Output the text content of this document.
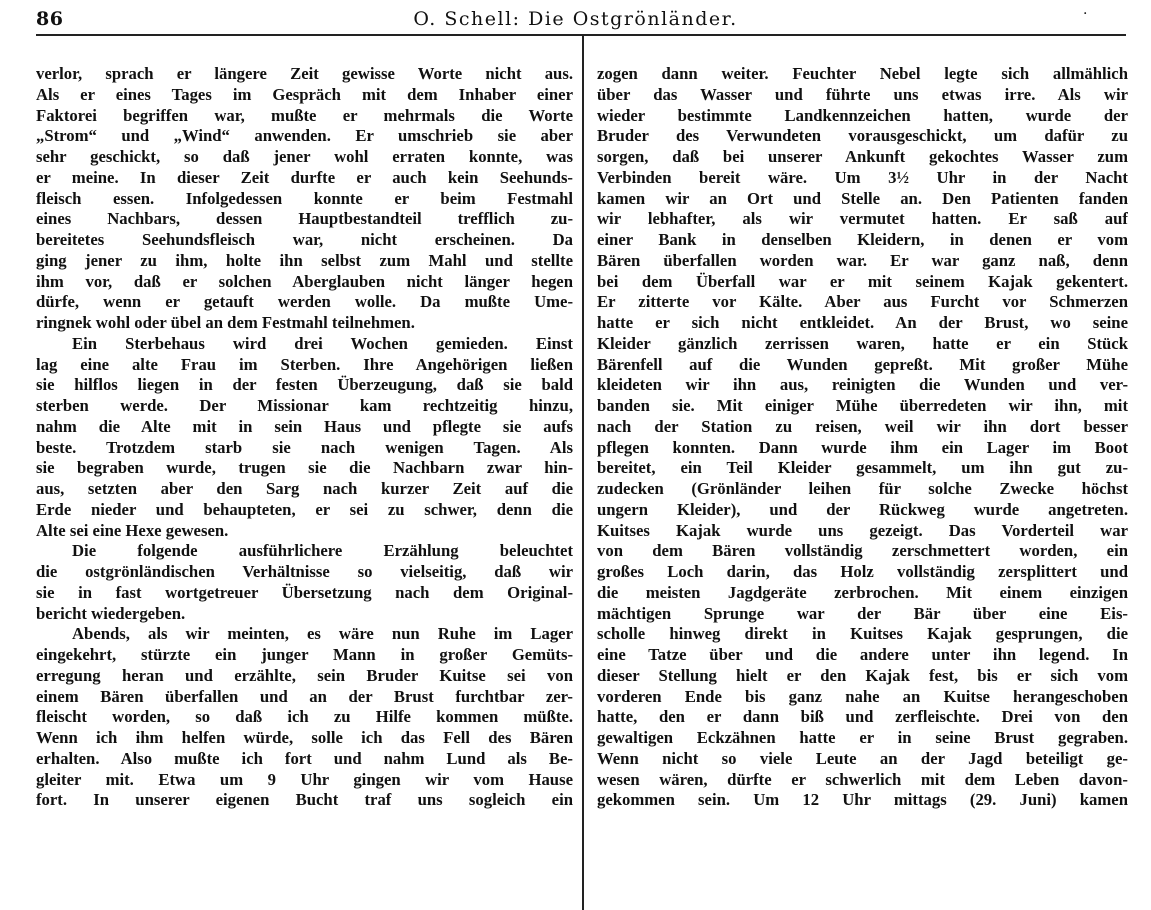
86	O. Schell: Die Ostgrönländer.	·
verlor, sprach er längere Zeit gewisse Worte nicht aus.
Als er eines Tages im Gespräch mit dem Inhaber einer
Faktorei begriffen war, mußte er mehrmals die Worte
„Strom“ und „Wind“ anwenden. Er umschrieb sie aber
sehr geschickt, so daß jener wohl erraten konnte, was
er meine. In dieser Zeit durfte er auch kein Seehunds-
fleisch essen. Infolgedessen konnte er beim Festmahl
eines Nachbars, dessen Hauptbestandteil trefflich zu-
bereitetes Seehundsfleisch war, nicht erscheinen. Da
ging jener zu ihm, holte ihn selbst zum Mahl und stellte
ihm vor, daß er solchen Aberglauben nicht länger hegen
dürfe, wenn er getauft werden wolle. Da mußte Ume-
ringnek wohl oder übel an dem Festmahl teilnehmen.
Ein Sterbehaus wird drei Wochen gemieden. Einst
lag eine alte Frau im Sterben. Ihre Angehörigen ließen
sie hilflos liegen in der festen Überzeugung, daß sie bald
sterben werde. Der Missionar kam rechtzeitig hinzu,
nahm die Alte mit in sein Haus und pflegte sie aufs
beste. Trotzdem starb sie nach wenigen Tagen. Als
sie begraben wurde, trugen sie die Nachbarn zwar hin-
aus, setzten aber den Sarg nach kurzer Zeit auf die
Erde nieder und behaupteten, er sei zu schwer, denn die
Alte sei eine Hexe gewesen.
Die folgende ausführlichere Erzählung beleuchtet
die ostgrönländischen Verhältnisse so vielseitig, daß wir
sie in fast wortgetreuer Übersetzung nach dem Original-
bericht wiedergeben.
Abends, als wir meinten, es wäre nun Ruhe im Lager
eingekehrt, stürzte ein junger Mann in großer Gemüts-
erregung heran und erzählte, sein Bruder Kuitse sei von
einem Bären überfallen und an der Brust furchtbar zer-
fleischt worden, so daß ich zu Hilfe kommen müßte.
Wenn ich ihm helfen würde, solle ich das Fell des Bären
erhalten. Also mußte ich fort und nahm Lund als Be-
gleiter mit. Etwa um 9 Uhr gingen wir vom Hause
fort. In unserer eigenen Bucht traf uns sogleich ein
zogen dann weiter. Feuchter Nebel legte sich allmählich
über das Wasser und führte uns etwas irre. Als wir
wieder bestimmte Landkennzeichen hatten, wurde der
Bruder des Verwundeten vorausgeschickt, um dafür zu
sorgen, daß bei unserer Ankunft gekochtes Wasser zum
Verbinden bereit wäre. Um 3½ Uhr in der Nacht
kamen wir an Ort und Stelle an. Den Patienten fanden
wir lebhafter, als wir vermutet hatten. Er saß auf
einer Bank in denselben Kleidern, in denen er vom
Bären überfallen worden war. Er war ganz naß, denn
bei dem Überfall war er mit seinem Kajak gekentert.
Er zitterte vor Kälte. Aber aus Furcht vor Schmerzen
hatte er sich nicht entkleidet. An der Brust, wo seine
Kleider gänzlich zerrissen waren, hatte er ein Stück
Bärenfell auf die Wunden gepreßt. Mit großer Mühe
kleideten wir ihn aus, reinigten die Wunden und ver-
banden sie. Mit einiger Mühe überredeten wir ihn, mit
nach der Station zu reisen, weil wir ihn dort besser
pflegen konnten. Dann wurde ihm ein Lager im Boot
bereitet, ein Teil Kleider gesammelt, um ihn gut zu-
zudecken (Grönländer leihen für solche Zwecke höchst
ungern Kleider), und der Rückweg wurde angetreten.
Kuitses Kajak wurde uns gezeigt. Das Vorderteil war
von dem Bären vollständig zerschmettert worden, ein
großes Loch darin, das Holz vollständig zersplittert und
die meisten Jagdgeräte zerbrochen. Mit einem einzigen
mächtigen Sprunge war der Bär über eine Eis-
scholle hinweg direkt in Kuitses Kajak gesprungen, die
eine Tatze über und die andere unter ihn legend. In
dieser Stellung hielt er den Kajak fest, bis er sich vom
vorderen Ende bis ganz nahe an Kuitse herangeschoben
hatte, den er dann biß und zerfleischte. Drei von den
gewaltigen Eckzähnen hatte er in seine Brust gegraben.
Wenn nicht so viele Leute an der Jagd beteiligt ge-
wesen wären, dürfte er schwerlich mit dem Leben davon-
gekommen sein. Um 12 Uhr mittags (29. Juni) kamen
